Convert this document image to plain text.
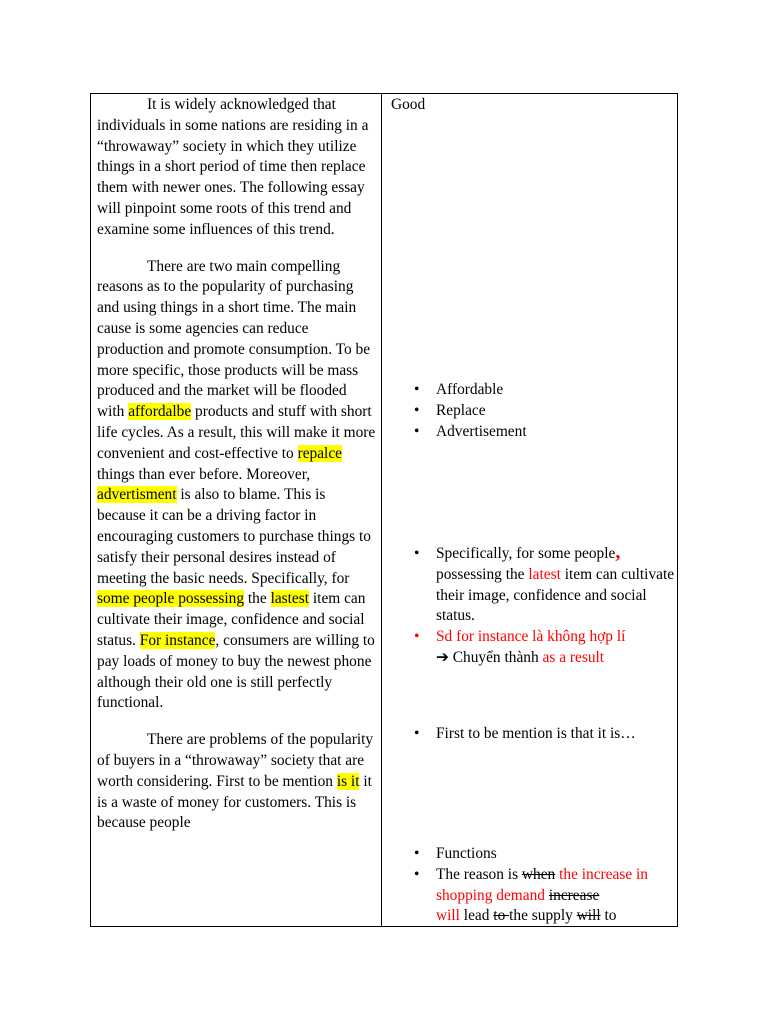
It is widely acknowledged that individuals in some nations are residing in a “throwaway” society in which they utilize things in a short period of time then replace them with newer ones. The following essay will pinpoint some roots of this trend and examine some influences of this trend.

There are two main compelling reasons as to the popularity of purchasing and using things in a short time. The main cause is some agencies can reduce production and promote consumption. To be more specific, those products will be mass produced and the market will be flooded with affordalbe products and stuff with short life cycles. As a result, this will make it more convenient and cost-effective to repalce things than ever before. Moreover, advertisment is also to blame. This is because it can be a driving factor in encouraging customers to purchase things to satisfy their personal desires instead of meeting the basic needs. Specifically, for some people possessing the lastest item can cultivate their image, confidence and social status. For instance, consumers are willing to pay loads of money to buy the newest phone although their old one is still perfectly functional.

There are problems of the popularity of buyers in a “throwaway” society that are worth considering. First to be mention is it it is a waste of money for customers. This is because people

Good

• Affordable

• Replace

• Advertisement

• Specifically, for some people,
possessing the latest item can cultivate their image, confidence and social status.

• Sd for instance là không hợp lí

➔ Chuyển thành as a result

• First to be mention is that it is…

• Functions

• The reason is when the increase in shopping demand increase
will lead to the supply will to
